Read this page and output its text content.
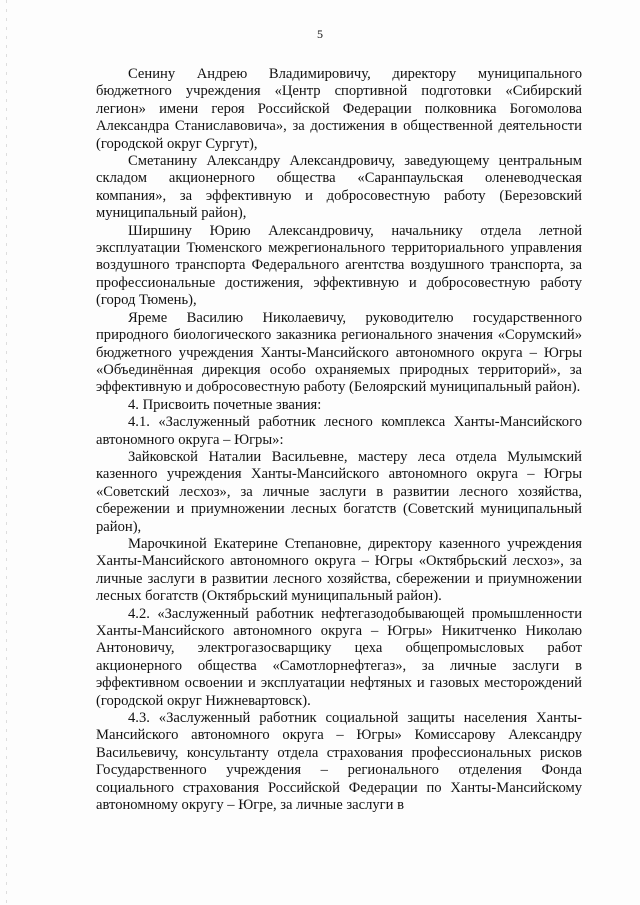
5

Сенину Андрею Владимировичу, директору муниципального бюджетного учреждения «Центр спортивной подготовки «Сибирский легион» имени героя Российской Федерации полковника Богомолова Александра Станиславовича», за достижения в общественной деятельности (городской округ Сургут),

Сметанину Александру Александровичу, заведующему центральным складом акционерного общества «Саранпаульская оленеводческая компания», за эффективную и добросовестную работу (Березовский муниципальный район),

Ширшину Юрию Александровичу, начальнику отдела летной эксплуатации Тюменского межрегионального территориального управления воздушного транспорта Федерального агентства воздушного транспорта, за профессиональные достижения, эффективную и добросовестную работу (город Тюмень),

Яреме Василию Николаевичу, руководителю государственного природного биологического заказника регионального значения «Сорумский» бюджетного учреждения Ханты-Мансийского автономного округа – Югры «Объединённая дирекция особо охраняемых природных территорий», за эффективную и добросовестную работу (Белоярский муниципальный район).

4. Присвоить почетные звания:

4.1. «Заслуженный работник лесного комплекса Ханты-Мансийского автономного округа – Югры»:

Зайковской Наталии Васильевне, мастеру леса отдела Мулымский казенного учреждения Ханты-Мансийского автономного округа – Югры «Советский лесхоз», за личные заслуги в развитии лесного хозяйства, сбережении и приумножении лесных богатств (Советский муниципальный район),

Марочкиной Екатерине Степановне, директору казенного учреждения Ханты-Мансийского автономного округа – Югры «Октябрьский лесхоз», за личные заслуги в развитии лесного хозяйства, сбережении и приумножении лесных богатств (Октябрьский муниципальный район).

4.2. «Заслуженный работник нефтегазодобывающей промышленности Ханты-Мансийского автономного округа – Югры» Никитченко Николаю Антоновичу, электрогазосварщику цеха общепромысловых работ акционерного общества «Самотлорнефтегаз», за личные заслуги в эффективном освоении и эксплуатации нефтяных и газовых месторождений (городской округ Нижневартовск).

4.3. «Заслуженный работник социальной защиты населения Ханты-Мансийского автономного округа – Югры» Комиссарову Александру Васильевичу, консультанту отдела страхования профессиональных рисков Государственного учреждения – регионального отделения Фонда социального страхования Российской Федерации по Ханты-Мансийскому автономному округу – Югре, за личные заслуги в
